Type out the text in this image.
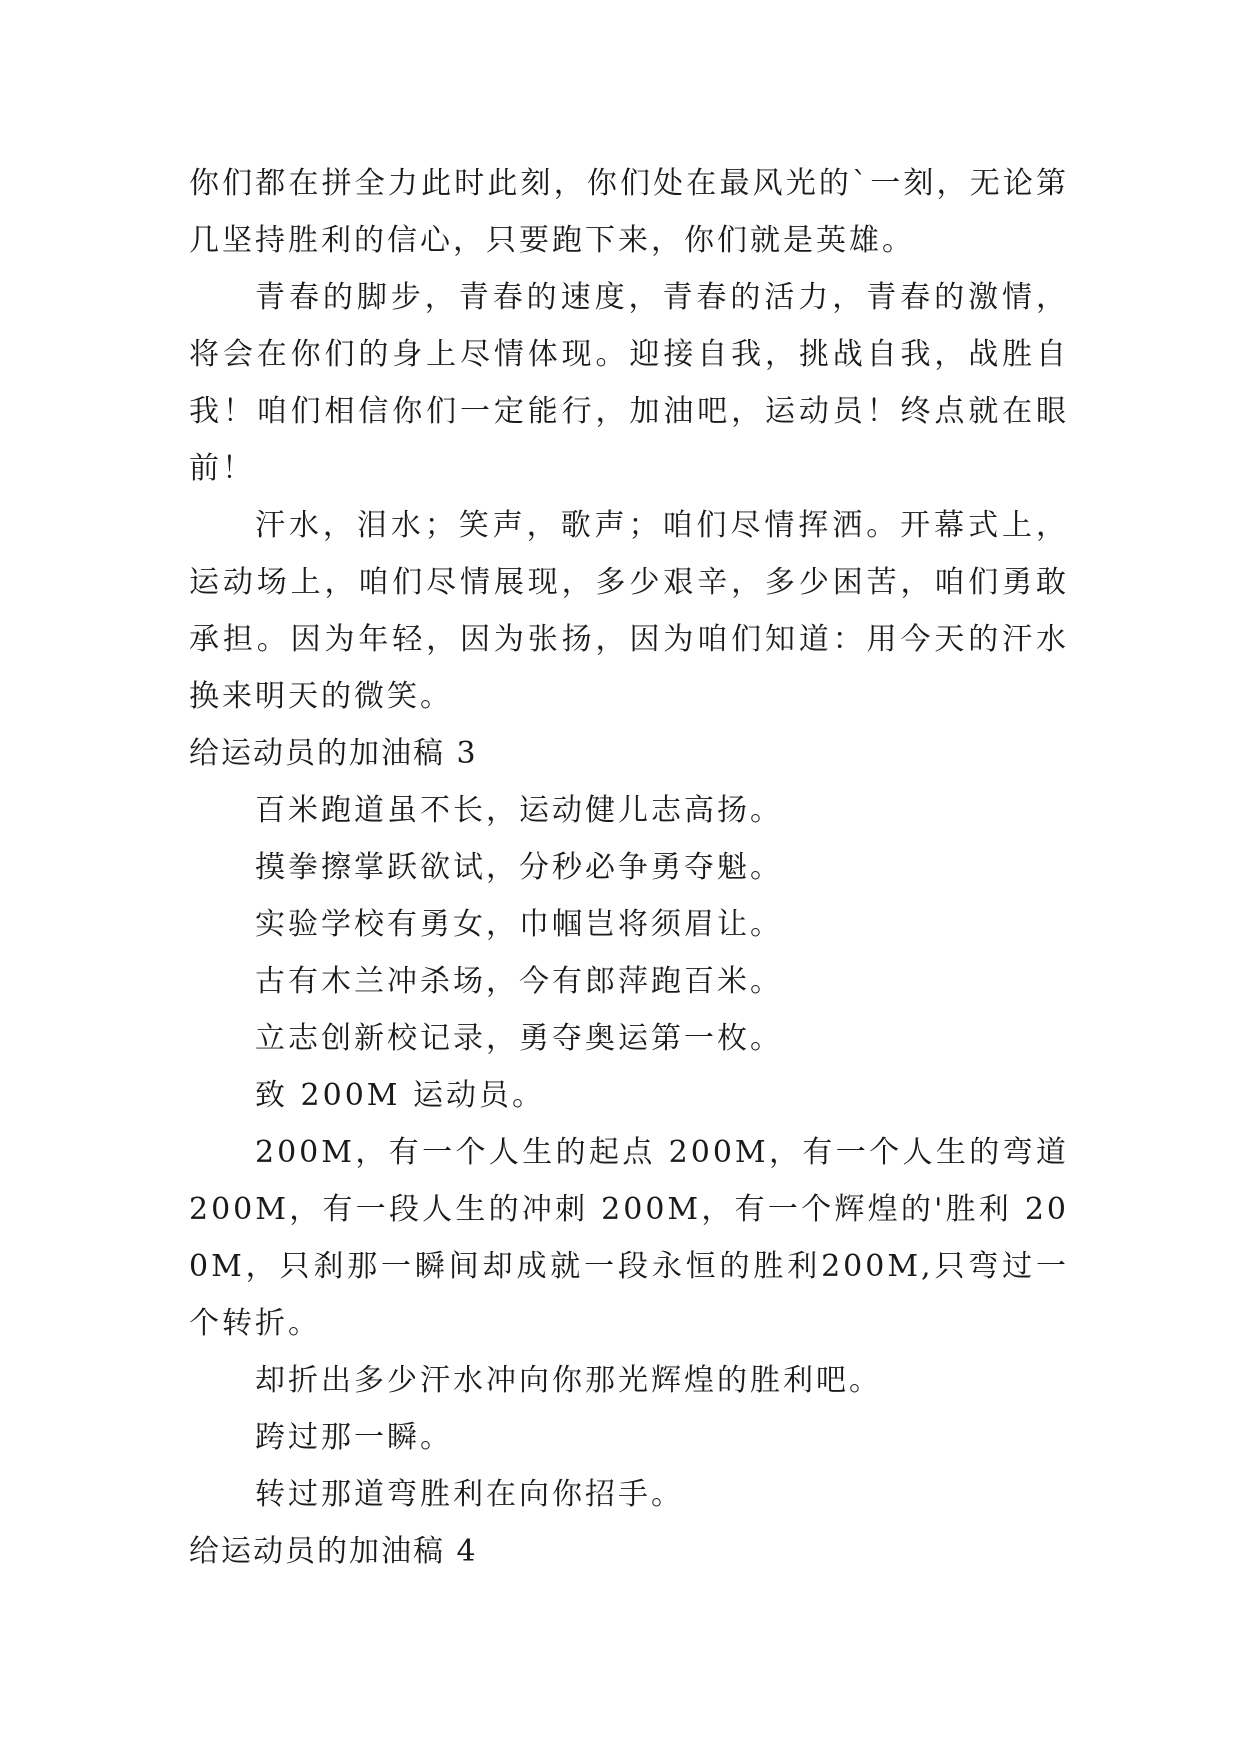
你们都在拼全力此时此刻，你们处在最风光的`一刻，无论第几坚持胜利的信心，只要跑下来，你们就是英雄。

青春的脚步，青春的速度，青春的活力，青春的激情，将会在你们的身上尽情体现。迎接自我，挑战自我，战胜自我！咱们相信你们一定能行，加油吧，运动员！终点就在眼前！

汗水，泪水；笑声，歌声；咱们尽情挥洒。开幕式上，运动场上，咱们尽情展现，多少艰辛，多少困苦，咱们勇敢承担。因为年轻，因为张扬，因为咱们知道：用今天的汗水换来明天的微笑。

给运动员的加油稿 3

百米跑道虽不长，运动健儿志高扬。

摸拳擦掌跃欲试，分秒必争勇夺魁。

实验学校有勇女，巾帼岂将须眉让。

古有木兰冲杀场，今有郎萍跑百米。

立志创新校记录，勇夺奥运第一枚。

致 200M 运动员。

200M，有一个人生的起点 200M，有一个人生的弯道 200M，有一段人生的冲刺 200M，有一个辉煌的'胜利 200M，只刹那一瞬间却成就一段永恒的胜利200M,只弯过一个转折。

却折出多少汗水冲向你那光辉煌的胜利吧。

跨过那一瞬。

转过那道弯胜利在向你招手。

给运动员的加油稿 4
